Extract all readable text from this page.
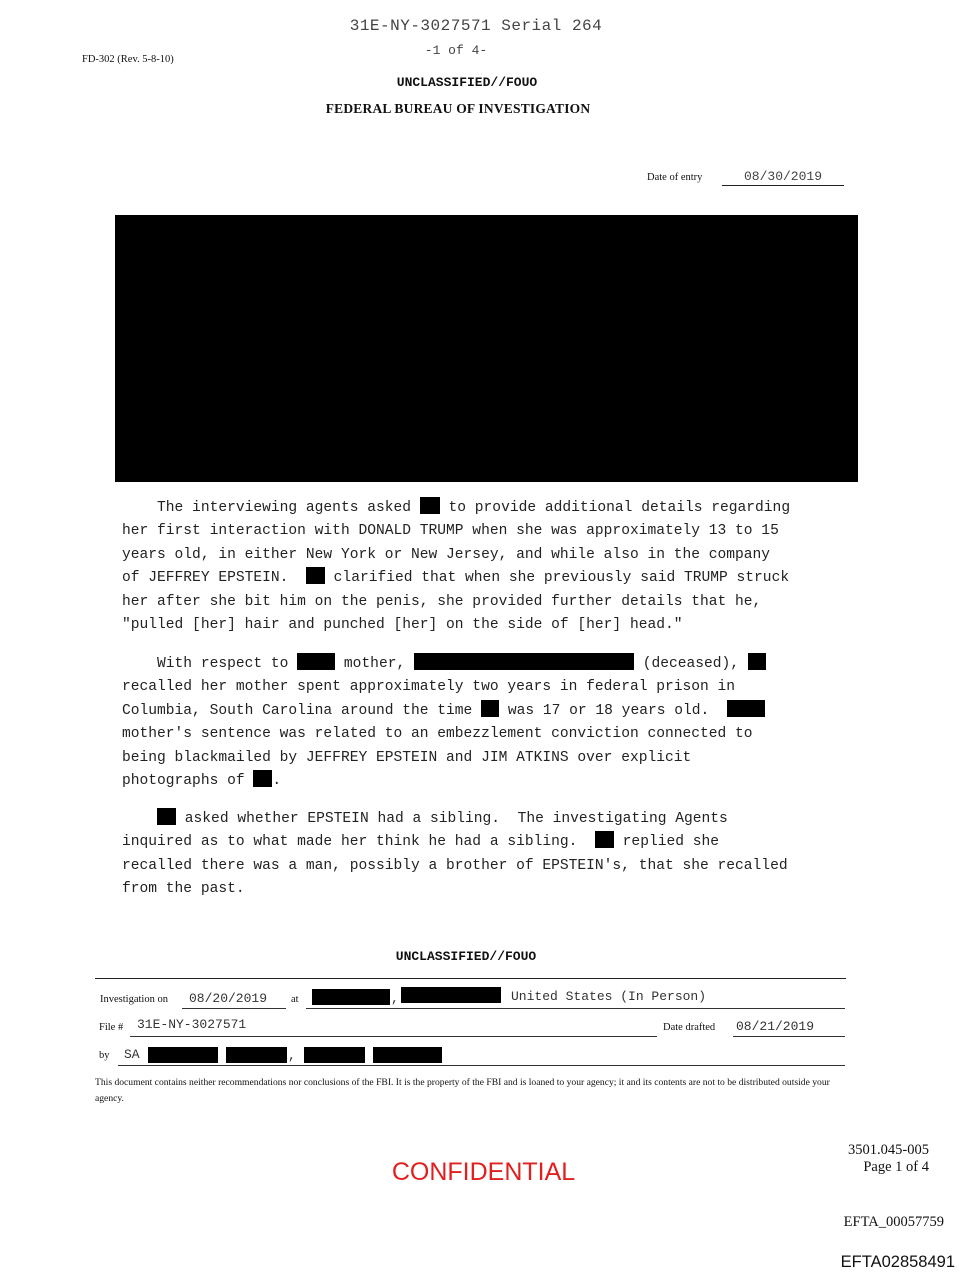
31E-NY-3027571 Serial 264
-1 of 4-
FD-302 (Rev. 5-8-10)
UNCLASSIFIED//FOUO
FEDERAL BUREAU OF INVESTIGATION
Date of entry	08/30/2019
The interviewing agents asked  to provide additional details regarding
her first interaction with DONALD TRUMP when she was approximately 13 to 15
years old, in either New York or New Jersey, and while also in the company
of JEFFREY EPSTEIN.   clarified that when she previously said TRUMP struck
her after she bit him on the penis, she provided further details that he,
"pulled [her] hair and punched [her] on the side of [her] head."
With respect to	mother,	(deceased),
recalled her mother spent approximately two years in federal prison in
Columbia, South Carolina around the time  was 17 or 18 years old.
mother's sentence was related to an embezzlement conviction connected to
being blackmailed by JEFFREY EPSTEIN and JIM ATKINS over explicit
photographs of .
asked whether EPSTEIN had a sibling.  The investigating Agents
inquired as to what made her think he had a sibling.   replied she
recalled there was a man, possibly a brother of EPSTEIN's, that she recalled
from the past.
UNCLASSIFIED//FOUO
Investigation on 08/20/2019 at	,	United States (In Person)
File # 31E-NY-3027571	Date drafted 08/21/2019
by SA	,
This document contains neither recommendations nor conclusions of the FBI. It is the property of the FBI and is loaned to your agency; it and its contents are not to be distributed outside your agency.
3501.045-005
Page 1 of 4
CONFIDENTIAL
EFTA_00057759
EFTA02858491
